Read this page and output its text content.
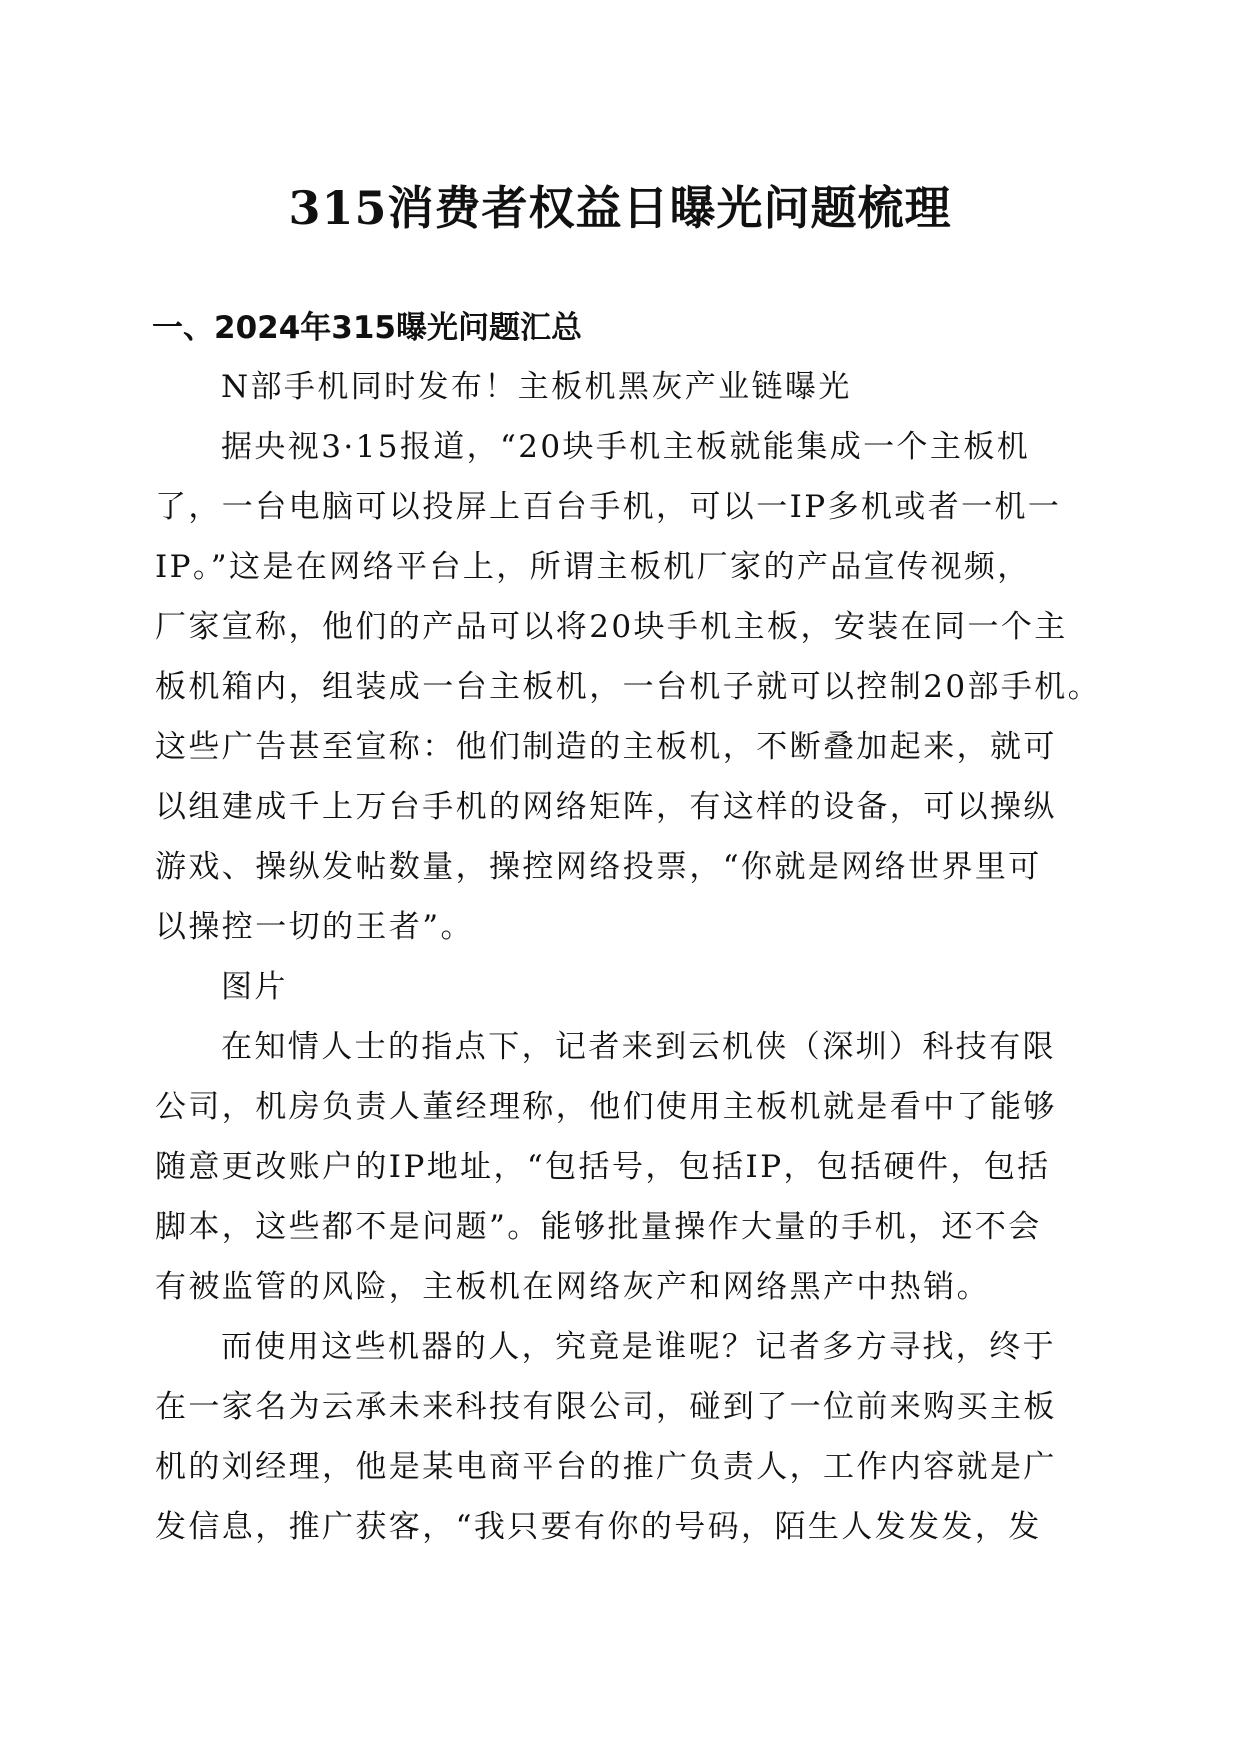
315消费者权益日曝光问题梳理
一、2024年315曝光问题汇总
N部手机同时发布！主板机黑灰产业链曝光
据央视3·15报道，“20块手机主板就能集成一个主板机
了，一台电脑可以投屏上百台手机，可以一IP多机或者一机一
IP。”这是在网络平台上，所谓主板机厂家的产品宣传视频，
厂家宣称，他们的产品可以将20块手机主板，安装在同一个主
板机箱内，组装成一台主板机，一台机子就可以控制20部手机。
这些广告甚至宣称：他们制造的主板机，不断叠加起来，就可
以组建成千上万台手机的网络矩阵，有这样的设备，可以操纵
游戏、操纵发帖数量，操控网络投票，“你就是网络世界里可
以操控一切的王者”。
图片
在知情人士的指点下，记者来到云机侠（深圳）科技有限
公司，机房负责人董经理称，他们使用主板机就是看中了能够
随意更改账户的IP地址，“包括号，包括IP，包括硬件，包括
脚本，这些都不是问题”。能够批量操作大量的手机，还不会
有被监管的风险，主板机在网络灰产和网络黑产中热销。
而使用这些机器的人，究竟是谁呢？记者多方寻找，终于
在一家名为云承未来科技有限公司，碰到了一位前来购买主板
机的刘经理，他是某电商平台的推广负责人，工作内容就是广
发信息，推广获客，“我只要有你的号码，陌生人发发发，发
